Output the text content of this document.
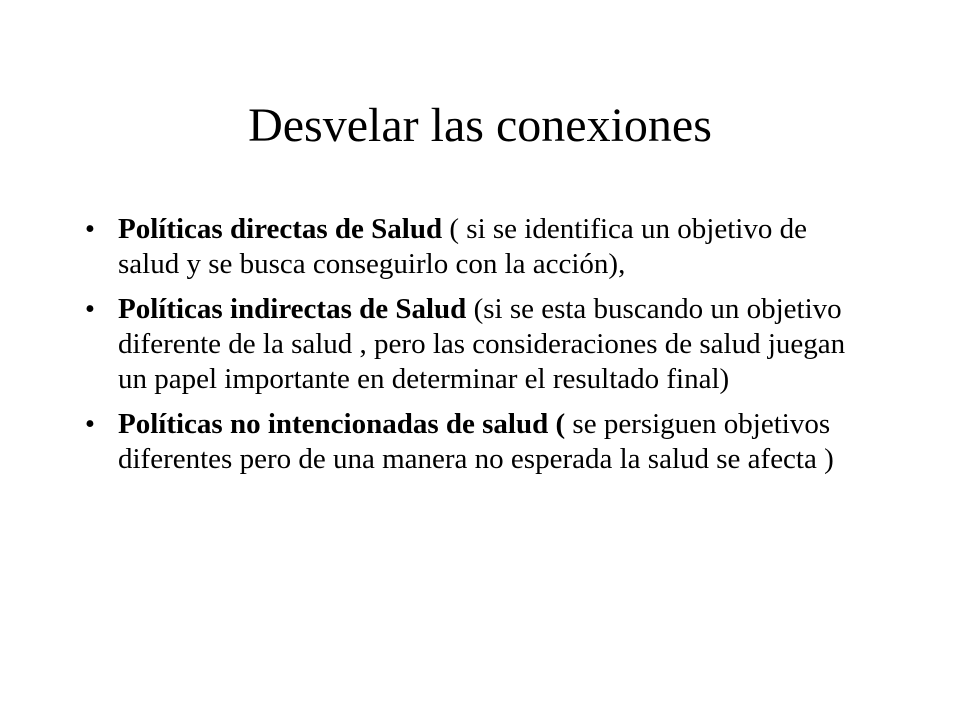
Desvelar las conexiones
• Políticas directas de Salud ( si se identifica un objetivo de salud y se busca conseguirlo con la acción),
• Políticas indirectas de Salud (si se esta buscando un objetivo diferente de la salud , pero las consideraciones de salud juegan un papel importante en determinar el resultado final)
• Políticas no intencionadas de salud ( se persiguen objetivos diferentes pero de una manera no esperada la salud se afecta )
